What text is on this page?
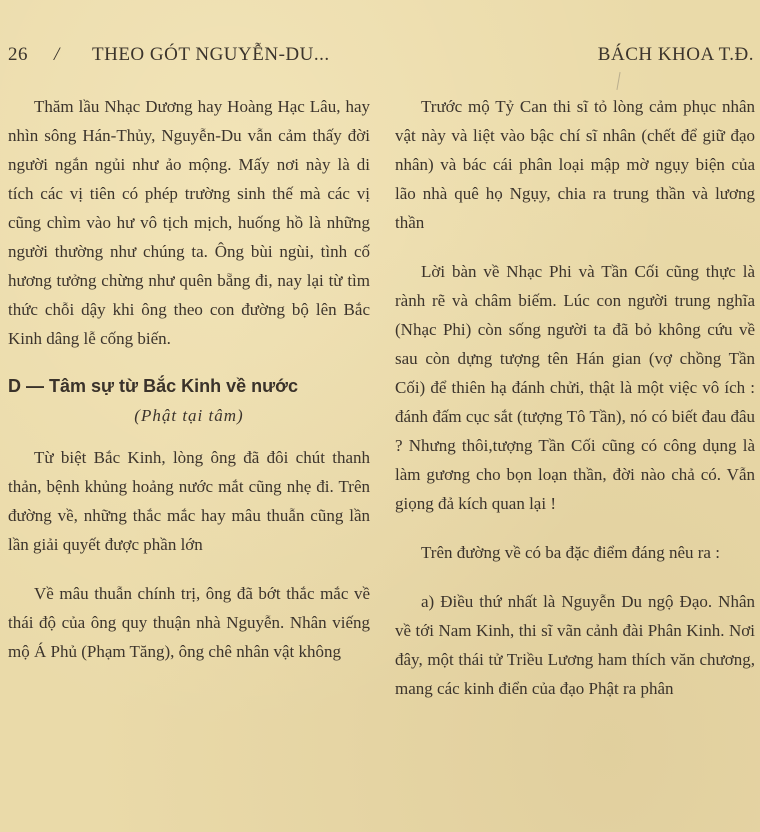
26 / THEO GÓT NGUYỄN-DU...	BÁCH KHOA T.Đ.

Thăm lầu Nhạc Dương hay Hoàng Hạc Lâu, hay nhìn sông Hán-Thủy, Nguyễn-Du vẫn cảm thấy đời người ngắn ngủi như ảo mộng. Mấy nơi này là di tích các vị tiên có phép trường sinh thế mà các vị cũng chìm vào hư vô tịch mịch, huống hồ là những người thường như chúng ta. Ông bùi ngùi, tình cố hương tưởng chừng như quên bẵng đi, nay lại từ tìm thức chỗi dậy khi ông theo con đường bộ lên Bắc Kinh dâng lễ cống biến.

D — Tâm sự từ Bắc Kinh về nước
(Phật tại tâm)

Từ biệt Bắc Kinh, lòng ông đã đôi chút thanh thản, bệnh khủng hoảng nước mắt cũng nhẹ đi. Trên đường về, những thắc mắc hay mâu thuẫn cũng lần lần giải quyết được phần lớn

Về mâu thuẫn chính trị, ông đã bớt thắc mắc về thái độ của ông quy thuận nhà Nguyễn. Nhân viếng mộ Á Phủ (Phạm Tăng), ông chê nhân vật không

Trước mộ Tỷ Can thi sĩ tỏ lòng cảm phục nhân vật này và liệt vào bậc chí sĩ nhân (chết để giữ đạo nhân) và bác cái phân loại mập mờ ngụy biện của lão nhà quê họ Ngụy, chia ra trung thần và lương thần

Lời bàn về Nhạc Phi và Tần Cối cũng thực là rành rẽ và châm biếm. Lúc con người trung nghĩa (Nhạc Phi) còn sống người ta đã bỏ không cứu về sau còn dựng tượng tên Hán gian (vợ chồng Tần Cối) để thiên hạ đánh chửi, thật là một việc vô ích : đánh đấm cục sắt (tượng Tô Tần), nó có biết đau đâu ? Nhưng thôi,tượng Tần Cối cũng có công dụng là làm gương cho bọn loạn thần, đời nào chả có. Vẫn giọng đả kích quan lại !

Trên đường về có ba đặc điểm đáng nêu ra :

a) Điều thứ nhất là Nguyễn Du ngộ Đạo. Nhân về tới Nam Kinh, thi sĩ vãn cảnh đài Phân Kinh. Nơi đây, một thái tử Triều Lương ham thích văn chương, mang các kinh điển của đạo Phật ra phân
